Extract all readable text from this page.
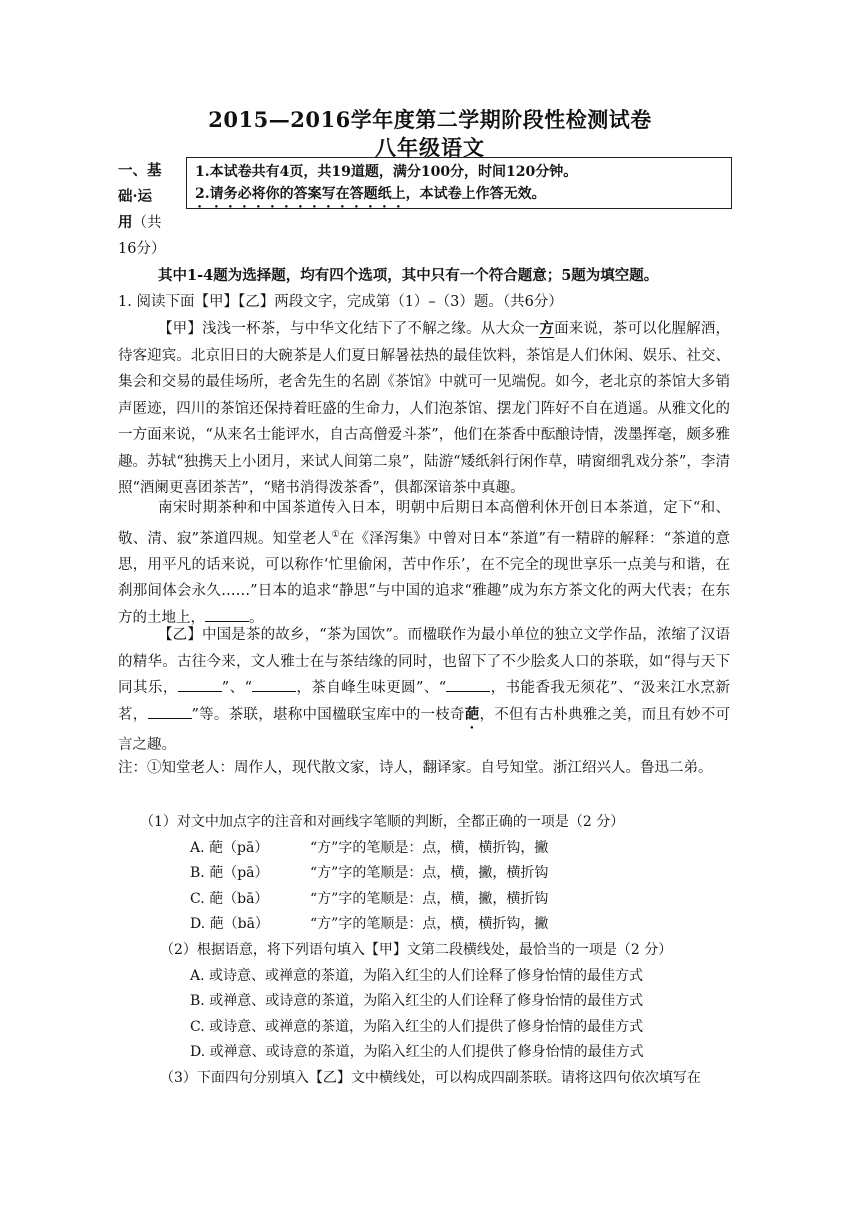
2015—2016学年度第二学期阶段性检测试卷
八年级语文
一、基
础·运
用（共
16分）
1.本试卷共有4页，共19道题，满分100分，时间120分钟。
2.请务必将你的答案写在答题纸上，本试卷上作答无效。
其中1-4题为选择题，均有四个选项，其中只有一个符合题意；5题为填空题。
1. 阅读下面【甲】【乙】两段文字，完成第（1）–（3）题。（共6分）
【甲】浅浅一杯茶，与中华文化结下了不解之缘。从大众一方面来说，茶可以化腥解酒，待客迎宾。北京旧日的大碗茶是人们夏日解暑祛热的最佳饮料，茶馆是人们休闲、娱乐、社交、集会和交易的最佳场所，老舍先生的名剧《茶馆》中就可一见端倪。如今，老北京的茶馆大多销声匿迹，四川的茶馆还保持着旺盛的生命力，人们泡茶馆、摆龙门阵好不自在逍遥。从雅文化的一方面来说，“从来名士能评水，自古高僧爱斗茶”，他们在茶香中酝酿诗情，泼墨挥毫，颇多雅趣。苏轼“独携天上小团月，来试人间第二泉”，陆游“矮纸斜行闲作草，晴窗细乳戏分茶”，李清照“酒阑更喜团茶苦”，“赌书消得泼茶香”，俱都深谙茶中真趣。
南宋时期茶种和中国茶道传入日本，明朝中后期日本高僧利休开创日本茶道，定下“和、敬、清、寂”茶道四规。知堂老人①在《泽泻集》中曾对日本“茶道”有一精辟的解释：“茶道的意思，用平凡的话来说，可以称作‘忙里偷闲，苦中作乐’，在不完全的现世享乐一点美与和谐，在刹那间体会永久……”日本的追求“静思”与中国的追求“雅趣”成为东方茶文化的两大代表；在东方的土地上，	。
【乙】中国是茶的故乡，“茶为国饮”。而楹联作为最小单位的独立文学作品，浓缩了汉语的精华。古往今来，文人雅士在与茶结缘的同时，也留下了不少脍炙人口的茶联，如“得与天下同其乐，	”、“	，茶自峰生味更圆”、“	，书能香我无须花”、“汲来江水烹新茗，	”等。茶联，堪称中国楹联宝库中的一枝奇葩，不但有古朴典雅之美，而且有妙不可言之趣。
注：①知堂老人：周作人，现代散文家，诗人，翻译家。自号知堂。浙江绍兴人。鲁迅二弟。
（1）对文中加点字的注音和对画线字笔顺的判断，全都正确的一项是（2 分）
A. 葩（pā）	“方”字的笔顺是：点，横，横折钩，撇
B. 葩（pā）	“方”字的笔顺是：点，横，撇，横折钩
C. 葩（bā）	“方”字的笔顺是：点，横，撇，横折钩
D. 葩（bā）	“方”字的笔顺是：点，横，横折钩，撇
（2）根据语意，将下列语句填入【甲】文第二段横线处，最恰当的一项是（2 分）
A. 或诗意、或禅意的茶道，为陷入红尘的人们诠释了修身怡情的最佳方式
B. 或禅意、或诗意的茶道，为陷入红尘的人们诠释了修身怡情的最佳方式
C. 或诗意、或禅意的茶道，为陷入红尘的人们提供了修身怡情的最佳方式
D. 或禅意、或诗意的茶道，为陷入红尘的人们提供了修身怡情的最佳方式
（3）下面四句分别填入【乙】文中横线处，可以构成四副茶联。请将这四句依次填写在
